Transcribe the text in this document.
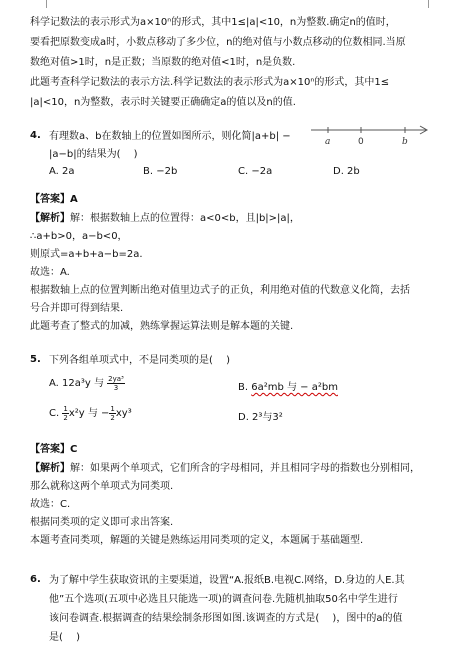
科学记数法的表示形式为a×10ⁿ的形式，其中1≤|a|<10，n为整数.确定n的值时，
要看把原数变成a时，小数点移动了多少位，n的绝对值与小数点移动的位数相同.当原
数绝对值>1时，n是正数；当原数的绝对值<1时，n是负数.
此题考查科学记数法的表示方法.科学记数法的表示形式为a×10ⁿ的形式，其中1≤
|a|<10，n为整数，表示时关键要正确确定a的值以及n的值.
4. 有理数a、b在数轴上的位置如图所示，则化简|a+b| −
|a−b|的结果为(　 )
a	0	b
A. 2a	B. −2b	C. −2a	D. 2b
【答案】A
【解析】解：根据数轴上点的位置得：a<0<b，且|b|>|a|，
∴a+b>0，a−b<0，
则原式=a+b+a−b=2a.
故选：A.
根据数轴上点的位置判断出绝对值里边式子的正负，利用绝对值的代数意义化简，去括
号合并即可得到结果.
此题考查了整式的加减，熟练掌握运算法则是解本题的关键.
5. 下列各组单项式中，不是同类项的是(　 )
A. 12a³y 与 $\frac{\text{2ya³}}{3}$	B. 6a²mb 与 − a²bm
C. $\frac{1}{2} x^2y$ 与 − $\frac{1}{2} xy^3$	D. 2³与3²
【答案】C
【解析】解：如果两个单项式，它们所含的字母相同，并且相同字母的指数也分别相同，
那么就称这两个单项式为同类项.
故选：C.
根据同类项的定义即可求出答案.
本题考查同类项，解题的关键是熟练运用同类项的定义，本题属于基础题型.
6. 为了解中学生获取资讯的主要渠道，设置“A.报纸B.电视C.网络，D.身边的人E.其
他”五个选项(五项中必选且只能选一项)的调查问卷.先随机抽取50名中学生进行
该问卷调查.根据调查的结果绘制条形图如图.该调查的方式是(　 )，图中的a的值
是(　 )
